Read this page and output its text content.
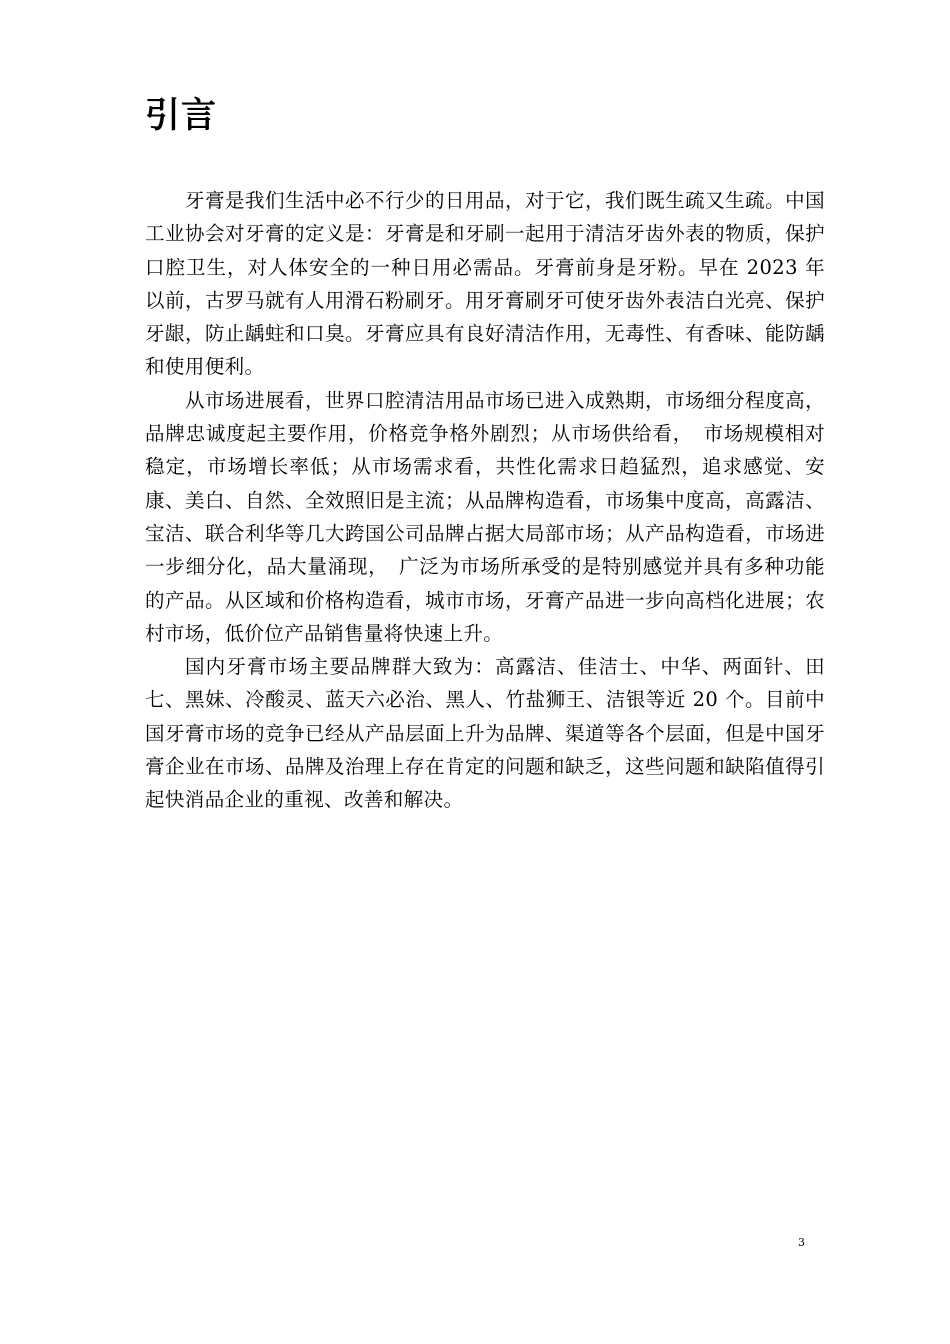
引言

牙膏是我们生活中必不行少的日用品，对于它，我们既生疏又生疏。中国工业协会对牙膏的定义是：牙膏是和牙刷一起用于清洁牙齿外表的物质，保护口腔卫生，对人体安全的一种日用必需品。牙膏前身是牙粉。早在 2023 年以前，古罗马就有人用滑石粉刷牙。用牙膏刷牙可使牙齿外表洁白光亮、保护牙龈，防止龋蛀和口臭。牙膏应具有良好清洁作用，无毒性、有香味、能防龋和使用便利。

从市场进展看，世界口腔清洁用品市场已进入成熟期，市场细分程度高，品牌忠诚度起主要作用，价格竞争格外剧烈；从市场供给看，　市场规模相对稳定，市场增长率低；从市场需求看，共性化需求日趋猛烈，追求感觉、安康、美白、自然、全效照旧是主流；从品牌构造看，市场集中度高，高露洁、宝洁、联合利华等几大跨国公司品牌占据大局部市场；从产品构造看，市场进一步细分化，品大量涌现，　广泛为市场所承受的是特别感觉并具有多种功能的产品。从区域和价格构造看，城市市场，牙膏产品进一步向高档化进展；农村市场，低价位产品销售量将快速上升。

国内牙膏市场主要品牌群大致为：高露洁、佳洁士、中华、两面针、田七、黑妹、冷酸灵、蓝天六必治、黑人、竹盐狮王、洁银等近 20 个。目前中国牙膏市场的竞争已经从产品层面上升为品牌、渠道等各个层面，但是中国牙膏企业在市场、品牌及治理上存在肯定的问题和缺乏，这些问题和缺陷值得引起快消品企业的重视、改善和解决。

3
